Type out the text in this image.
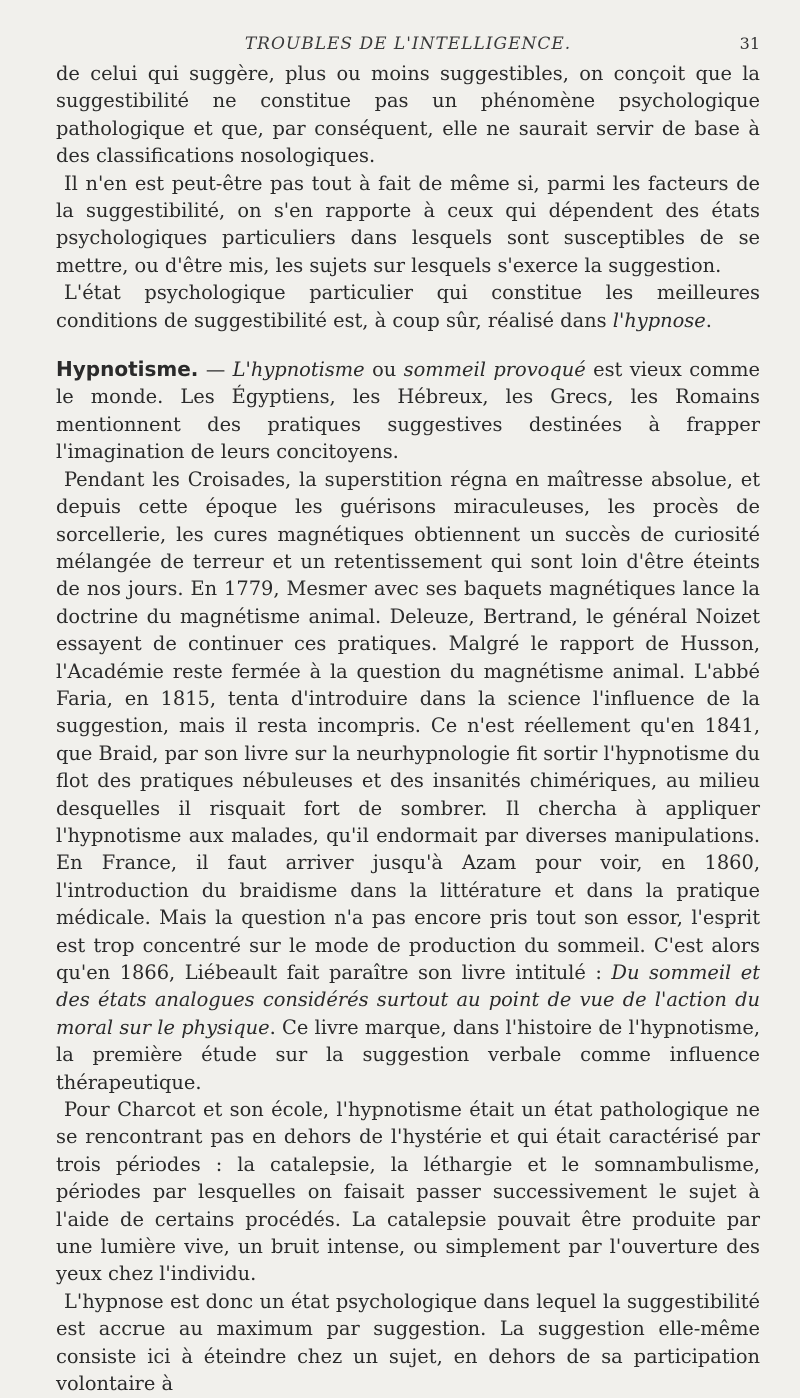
TROUBLES DE L'INTELLIGENCE.	31

de celui qui suggère, plus ou moins suggestibles, on conçoit que la suggestibilité ne constitue pas un phénomène psychologique pathologique et que, par conséquent, elle ne saurait servir de base à des classifications nosologiques.

Il n'en est peut-être pas tout à fait de même si, parmi les facteurs de la suggestibilité, on s'en rapporte à ceux qui dépendent des états psychologiques particuliers dans lesquels sont susceptibles de se mettre, ou d'être mis, les sujets sur lesquels s'exerce la suggestion.

L'état psychologique particulier qui constitue les meilleures conditions de suggestibilité est, à coup sûr, réalisé dans l'hypnose.

Hypnotisme. — L'hypnotisme ou sommeil provoqué est vieux comme le monde. Les Égyptiens, les Hébreux, les Grecs, les Romains mentionnent des pratiques suggestives destinées à frapper l'imagination de leurs concitoyens.

Pendant les Croisades, la superstition régna en maîtresse absolue, et depuis cette époque les guérisons miraculeuses, les procès de sorcellerie, les cures magnétiques obtiennent un succès de curiosité mélangée de terreur et un retentissement qui sont loin d'être éteints de nos jours. En 1779, Mesmer avec ses baquets magnétiques lance la doctrine du magnétisme animal. Deleuze, Bertrand, le général Noizet essayent de continuer ces pratiques. Malgré le rapport de Husson, l'Académie reste fermée à la question du magnétisme animal. L'abbé Faria, en 1815, tenta d'introduire dans la science l'influence de la suggestion, mais il resta incompris. Ce n'est réellement qu'en 1841, que Braid, par son livre sur la neurhypnologie fit sortir l'hypnotisme du flot des pratiques nébuleuses et des insanités chimériques, au milieu desquelles il risquait fort de sombrer. Il chercha à appliquer l'hypnotisme aux malades, qu'il endormait par diverses manipulations. En France, il faut arriver jusqu'à Azam pour voir, en 1860, l'introduction du braidisme dans la littérature et dans la pratique médicale. Mais la question n'a pas encore pris tout son essor, l'esprit est trop concentré sur le mode de production du sommeil. C'est alors qu'en 1866, Liébeault fait paraître son livre intitulé : Du sommeil et des états analogues considérés surtout au point de vue de l'action du moral sur le physique. Ce livre marque, dans l'histoire de l'hypnotisme, la première étude sur la suggestion verbale comme influence thérapeutique.

Pour Charcot et son école, l'hypnotisme était un état pathologique ne se rencontrant pas en dehors de l'hystérie et qui était caractérisé par trois périodes : la catalepsie, la léthargie et le somnambulisme, périodes par lesquelles on faisait passer successivement le sujet à l'aide de certains procédés. La catalepsie pouvait être produite par une lumière vive, un bruit intense, ou simplement par l'ouverture des yeux chez l'individu.

L'hypnose est donc un état psychologique dans lequel la suggestibilité est accrue au maximum par suggestion. La suggestion elle-même consiste ici à éteindre chez un sujet, en dehors de sa participation volontaire à
